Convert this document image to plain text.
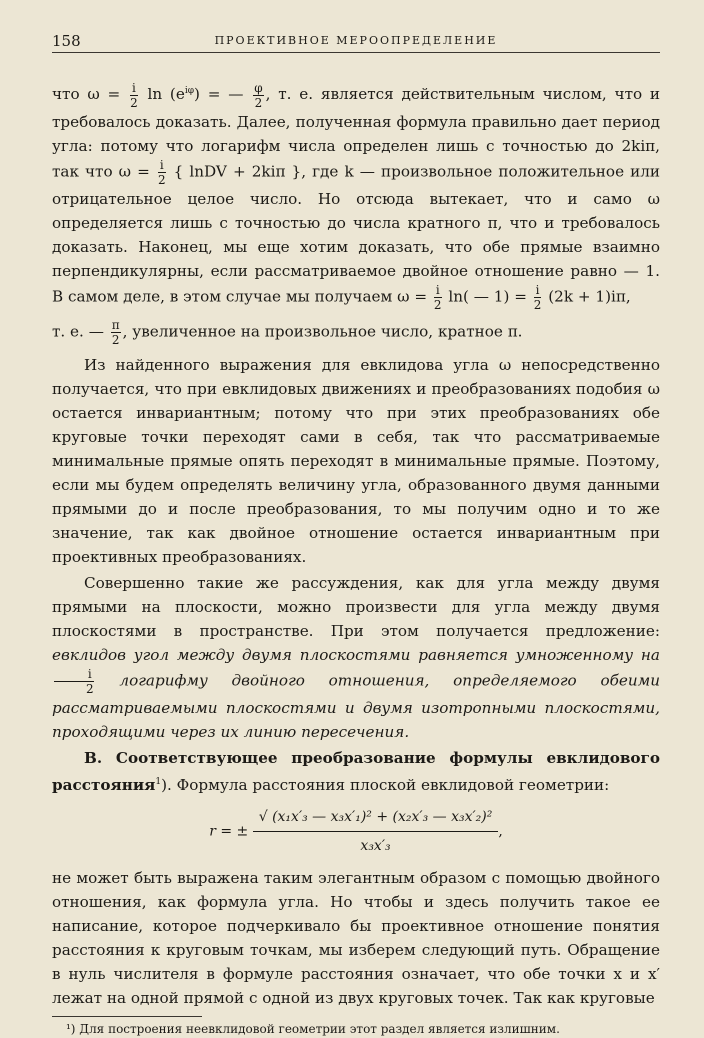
158	ПРОЕКТИВНОЕ МЕРООПРЕДЕЛЕНИЕ

что $\omega = \frac{i}{2}$ $\ln (e^{i\varphi})$ = — $\frac{\varphi}{2}$ , т. е. является действительным числом, что и требовалось доказать. Далее, полученная формула правильно дает период угла: потому что логарифм числа определен лишь с точностью до 2kiπ, так что $\omega = \frac{i}{2}$ { lnDV + 2kiπ }, где k — произвольное положительное или отрицательное целое число. Но отсюда вытекает, что и само ω определяется лишь с точностью до числа кратного π, что и требовалось доказать. Наконец, мы еще хотим доказать, что обе прямые взаимно перпендикулярны, если рассматриваемое двойное отношение равно — 1. В самом деле, в этом случае мы получаем $\omega = \frac{i}{2} \ln$( — $1) = \frac{i}{2} (2k + 1)i\pi$,

т. е. — $\frac{\pi}{2}$ , увеличенное на произвольное число, кратное π.

Из найденного выражения для евклидова угла ω непосредственно получается, что при евклидовых движениях и преобразованиях подобия ω остается инвариантным; потому что при этих преобразованиях обе круговые точки переходят сами в себя, так что рассматриваемые минимальные прямые опять переходят в минимальные прямые. Поэтому, если мы будем определять величину угла, образованного двумя данными прямыми до и после преобразования, то мы получим одно и то же значение, так как двойное отношение остается инвариантным при проективных преобразованиях.

Совершенно такие же рассуждения, как для угла между двумя прямыми на плоскости, можно произвести для угла между двумя плоскостями в пространстве. При этом получается предложение: евклидов угол между двумя плоскостями равняется умноженному на
$\frac{i}{2}$ логарифму двойного отношения, определяемого обеими рассматриваемыми плоскостями и двумя изотропными плоскостями, проходящими через их линию пересечения.

B. Соответствующее преобразование формулы евклидового расстояния$^1$). Формула расстояния плоской евклидовой геометрии:

r = ± $\frac{\text{√ (x₁x′₃ — x₃x′₁)² + (x₂x′₃ — x₃x′₂)²}}{\text{x₃x′₃}}$ ,

не может быть выражена таким элегантным образом с помощью двойного отношения, как формула угла. Но чтобы и здесь получить такое ее написание, которое подчеркивало бы проективное отношение понятия расстояния к круговым точкам, мы изберем следующий путь. Обращение в нуль числителя в формуле расстояния означает, что обе точки x и x′ лежат на одной прямой с одной из двух круговых точек. Так как круговые

¹) Для построения неевклидовой геометрии этот раздел является излишним.
